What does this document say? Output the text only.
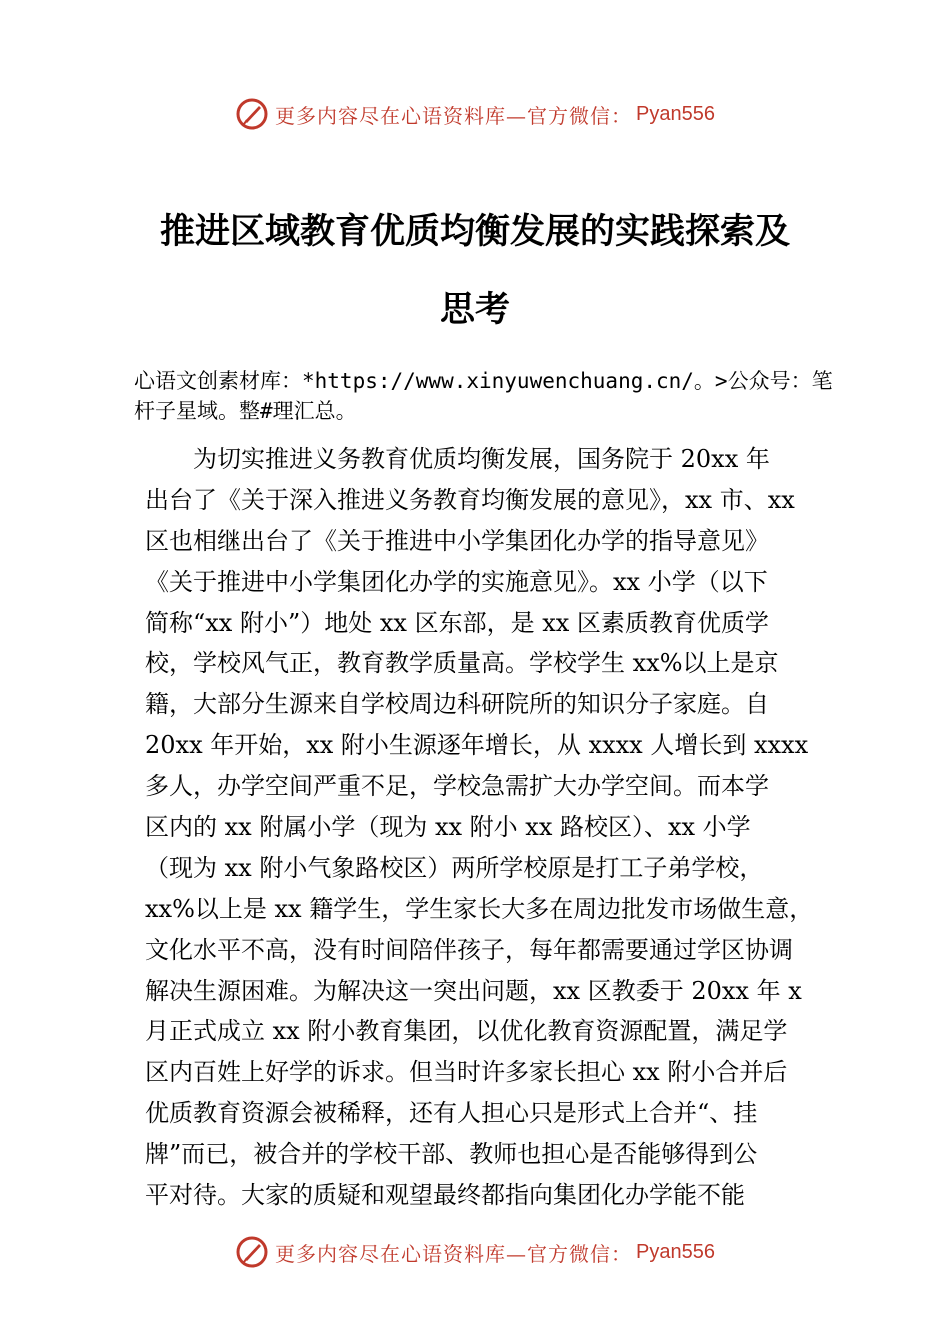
更多内容尽在心语资料库—官方微信： Pyan556
推进区域教育优质均衡发展的实践探索及
思考
心语文创素材库：*https://www.xinyuwenchuang.cn/。>公众号：笔杆子星域。整#理汇总。
　　为切实推进义务教育优质均衡发展，国务院于 20xx 年
出台了《关于深入推进义务教育均衡发展的意见》，xx 市、xx
区也相继出台了《关于推进中小学集团化办学的指导意见》
《关于推进中小学集团化办学的实施意见》。xx 小学（以下
简称“xx 附小”）地处 xx 区东部，是 xx 区素质教育优质学
校，学校风气正，教育教学质量高。学校学生 xx%以上是京
籍，大部分生源来自学校周边科研院所的知识分子家庭。自
20xx 年开始，xx 附小生源逐年增长，从 xxxx 人增长到 xxxx
多人，办学空间严重不足，学校急需扩大办学空间。而本学
区内的 xx 附属小学（现为 xx 附小 xx 路校区）、xx 小学
（现为 xx 附小气象路校区）两所学校原是打工子弟学校，
xx%以上是 xx 籍学生，学生家长大多在周边批发市场做生意，
文化水平不高，没有时间陪伴孩子，每年都需要通过学区协调
解决生源困难。为解决这一突出问题，xx 区教委于 20xx 年 x
月正式成立 xx 附小教育集团，以优化教育资源配置，满足学
区内百姓上好学的诉求。但当时许多家长担心 xx 附小合并后
优质教育资源会被稀释，还有人担心只是形式上合并“、挂
牌”而已，被合并的学校干部、教师也担心是否能够得到公
平对待。大家的质疑和观望最终都指向集团化办学能不能
更多内容尽在心语资料库—官方微信： Pyan556
